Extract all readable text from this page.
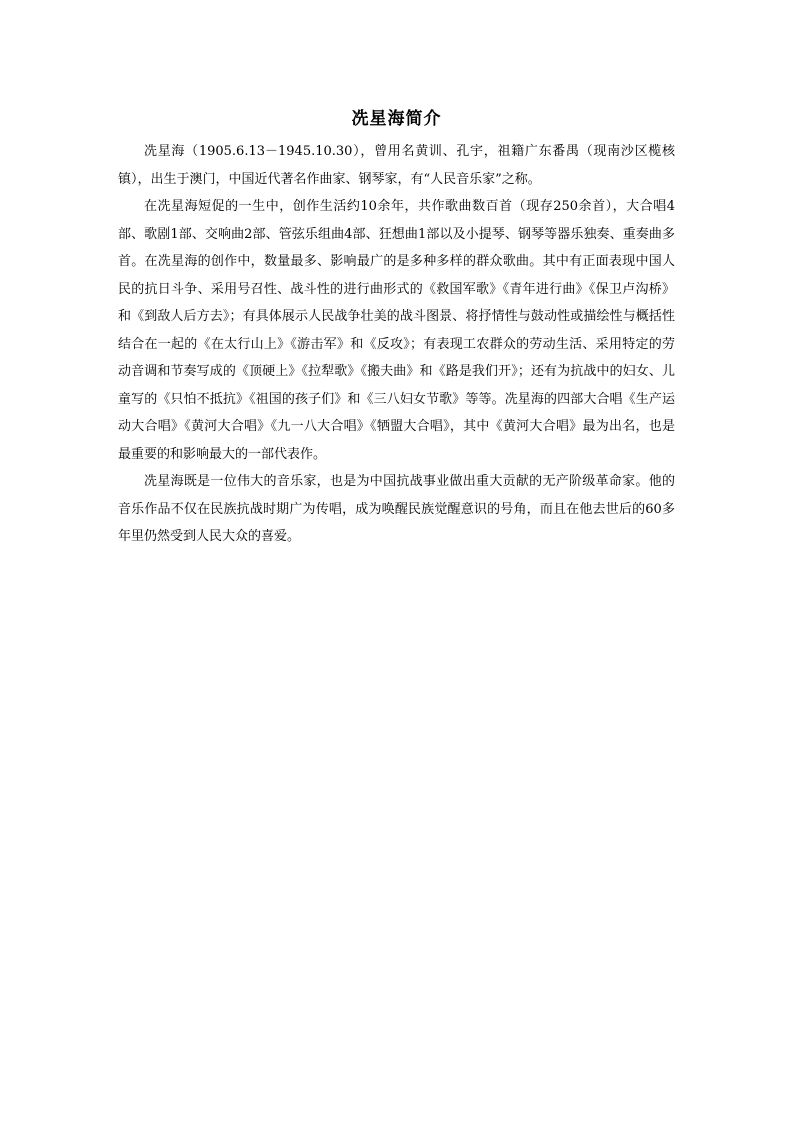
冼星海简介

冼星海（1905.6.13－1945.10.30），曾用名黄训、孔宇，祖籍广东番禺（现南沙区榄核镇），出生于澳门，中国近代著名作曲家、钢琴家，有“人民音乐家”之称。

在冼星海短促的一生中，创作生活约10余年，共作歌曲数百首（现存250余首），大合唱4部、歌剧1部、交响曲2部、管弦乐组曲4部、狂想曲1部以及小提琴、钢琴等器乐独奏、重奏曲多首。在冼星海的创作中，数量最多、影响最广的是多种多样的群众歌曲。其中有正面表现中国人民的抗日斗争、采用号召性、战斗性的进行曲形式的《救国军歌》《青年进行曲》《保卫卢沟桥》和《到敌人后方去》；有具体展示人民战争壮美的战斗图景、将抒情性与鼓动性或描绘性与概括性结合在一起的《在太行山上》《游击军》和《反攻》；有表现工农群众的劳动生活、采用特定的劳动音调和节奏写成的《顶硬上》《拉犁歌》《搬夫曲》和《路是我们开》；还有为抗战中的妇女、儿童写的《只怕不抵抗》《祖国的孩子们》和《三八妇女节歌》等等。冼星海的四部大合唱《生产运动大合唱》《黄河大合唱》《九一八大合唱》《牺盟大合唱》，其中《黄河大合唱》最为出名，也是最重要的和影响最大的一部代表作。

冼星海既是一位伟大的音乐家，也是为中国抗战事业做出重大贡献的无产阶级革命家。他的音乐作品不仅在民族抗战时期广为传唱，成为唤醒民族觉醒意识的号角，而且在他去世后的60多年里仍然受到人民大众的喜爱。
